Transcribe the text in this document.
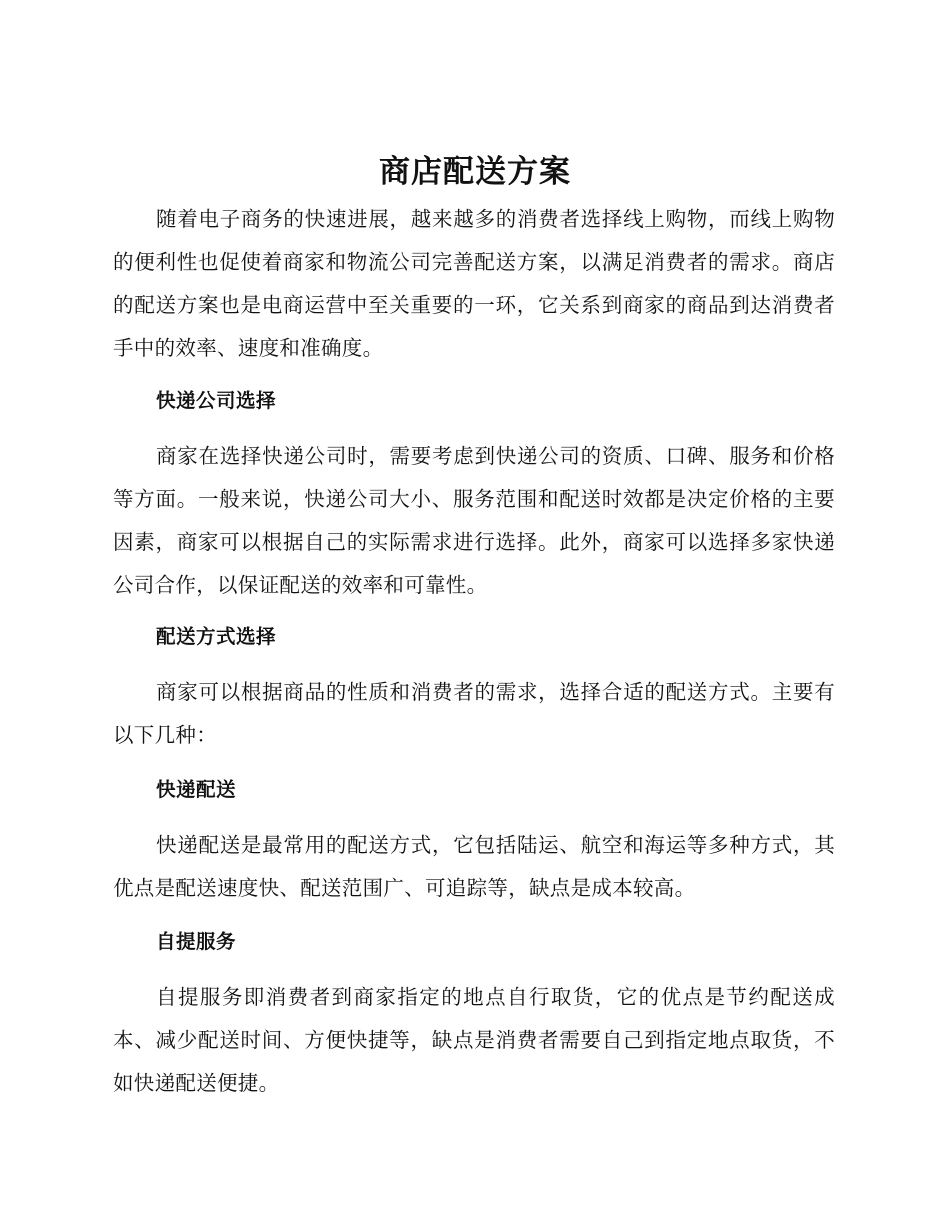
商店配送方案

随着电子商务的快速进展，越来越多的消费者选择线上购物，而线上购物的便利性也促使着商家和物流公司完善配送方案，以满足消费者的需求。商店的配送方案也是电商运营中至关重要的一环，它关系到商家的商品到达消费者手中的效率、速度和准确度。

快递公司选择

商家在选择快递公司时，需要考虑到快递公司的资质、口碑、服务和价格等方面。一般来说，快递公司大小、服务范围和配送时效都是决定价格的主要因素，商家可以根据自己的实际需求进行选择。此外，商家可以选择多家快递公司合作，以保证配送的效率和可靠性。

配送方式选择

商家可以根据商品的性质和消费者的需求，选择合适的配送方式。主要有以下几种：

快递配送

快递配送是最常用的配送方式，它包括陆运、航空和海运等多种方式，其优点是配送速度快、配送范围广、可追踪等，缺点是成本较高。

自提服务

自提服务即消费者到商家指定的地点自行取货，它的优点是节约配送成本、减少配送时间、方便快捷等，缺点是消费者需要自己到指定地点取货，不如快递配送便捷。
